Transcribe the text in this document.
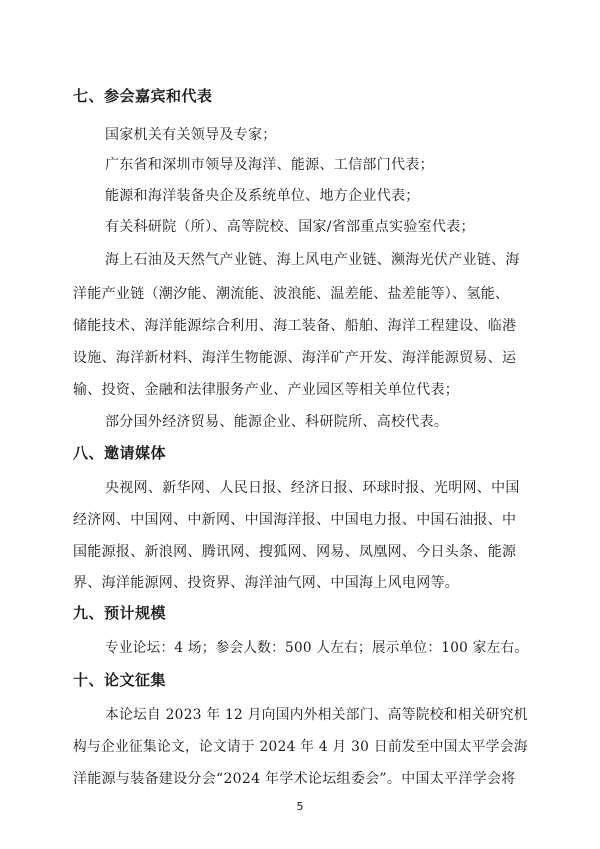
七、参会嘉宾和代表
国家机关有关领导及专家；
广东省和深圳市领导及海洋、能源、工信部门代表；
能源和海洋装备央企及系统单位、地方企业代表；
有关科研院（所）、高等院校、国家/省部重点实验室代表；
海上石油及天然气产业链、海上风电产业链、濒海光伏产业链、海
洋能产业链（潮汐能、潮流能、波浪能、温差能、盐差能等）、氢能、
储能技术、海洋能源综合利用、海工装备、船舶、海洋工程建设、临港
设施、海洋新材料、海洋生物能源、海洋矿产开发、海洋能源贸易、运
输、投资、金融和法律服务产业、产业园区等相关单位代表；
部分国外经济贸易、能源企业、科研院所、高校代表。
八、邀请媒体
央视网、新华网、人民日报、经济日报、环球时报、光明网、中国
经济网、中国网、中新网、中国海洋报、中国电力报、中国石油报、中
国能源报、新浪网、腾讯网、搜狐网、网易、凤凰网、今日头条、能源
界、海洋能源网、投资界、海洋油气网、中国海上风电网等。
九、预计规模
专业论坛：4 场；参会人数：500 人左右；展示单位：100 家左右。
十、论文征集
本论坛自 2023 年 12 月向国内外相关部门、高等院校和相关研究机
构与企业征集论文，论文请于 2024 年 4 月 30 日前发至中国太平学会海
洋能源与装备建设分会“2024 年学术论坛组委会”。中国太平洋学会将
5
